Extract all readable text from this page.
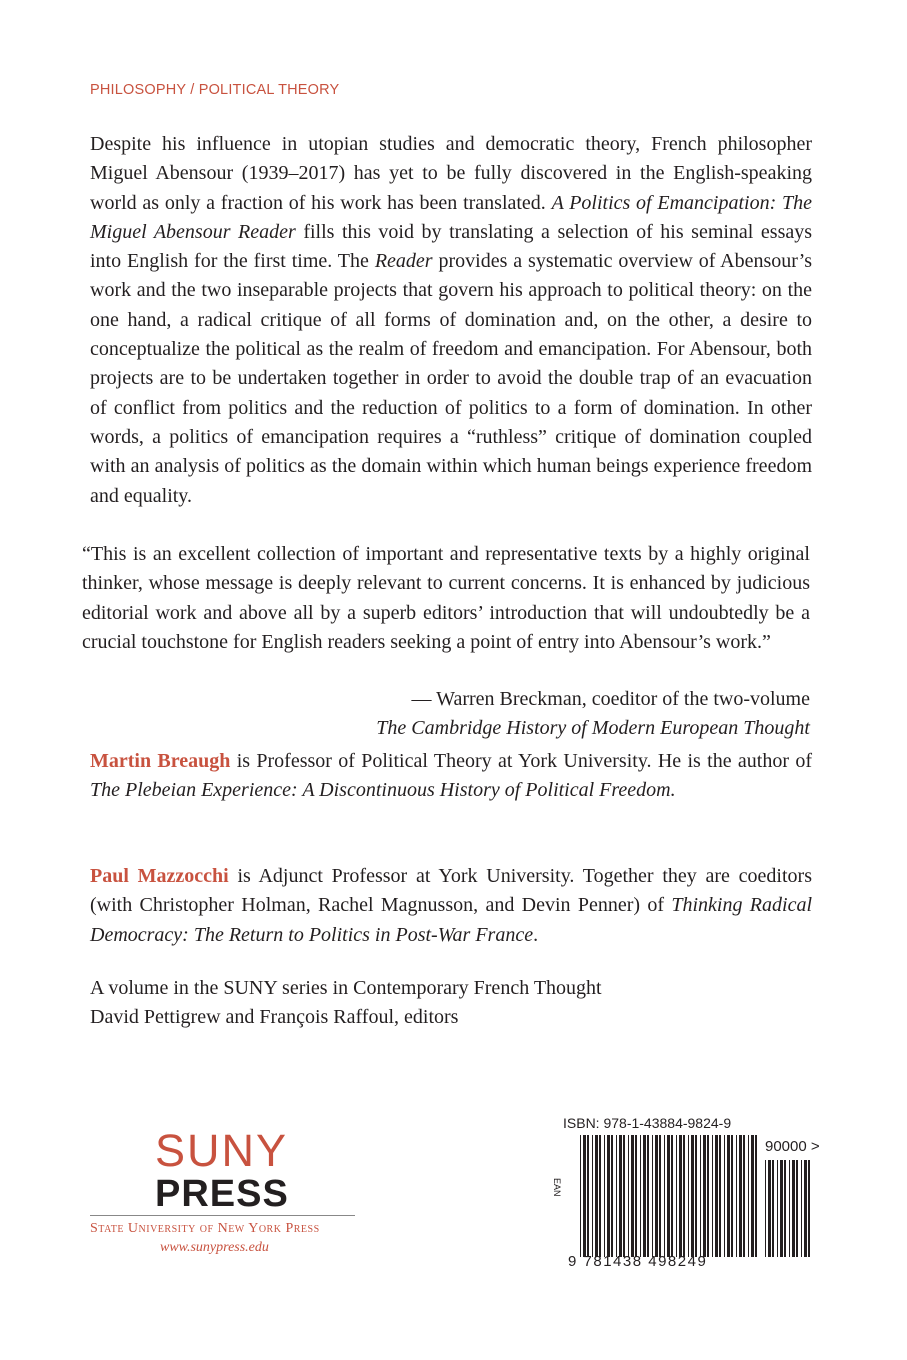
PHILOSOPHY / POLITICAL THEORY

Despite his influence in utopian studies and democratic theory, French philosopher Miguel Abensour (1939–2017) has yet to be fully discovered in the English-speaking world as only a fraction of his work has been translated. A Politics of Emancipation: The Miguel Abensour Reader fills this void by translating a selection of his seminal essays into English for the first time. The Reader provides a systematic overview of Abensour’s work and the two inseparable projects that govern his approach to political theory: on the one hand, a radical critique of all forms of domination and, on the other, a desire to conceptualize the political as the realm of freedom and emancipation. For Abensour, both projects are to be undertaken together in order to avoid the double trap of an evacuation of conflict from politics and the reduction of politics to a form of domination. In other words, a politics of emancipation requires a “ruthless” critique of domination coupled with an analysis of politics as the domain within which human beings experience freedom and equality.

“This is an excellent collection of important and representative texts by a highly original thinker, whose message is deeply relevant to current concerns. It is enhanced by judicious editorial work and above all by a superb editors’ introduction that will undoubtedly be a crucial touchstone for English readers seeking a point of entry into Abensour’s work.”

— Warren Breckman, coeditor of the two-volume
The Cambridge History of Modern European Thought

Martin Breaugh is Professor of Political Theory at York University. He is the author of The Plebeian Experience: A Discontinuous History of Political Freedom.

Paul Mazzocchi is Adjunct Professor at York University. Together they are coeditors (with Christopher Holman, Rachel Magnusson, and Devin Penner) of Thinking Radical Democracy: The Return to Politics in Post-War France.

A volume in the SUNY series in Contemporary French Thought
David Pettigrew and François Raffoul, editors
SUNY
PRESS
State University of New York Press
www.sunypress.edu
ISBN: 978-1-43884-9824-9
EAN
90000 >
9 781438 498249
